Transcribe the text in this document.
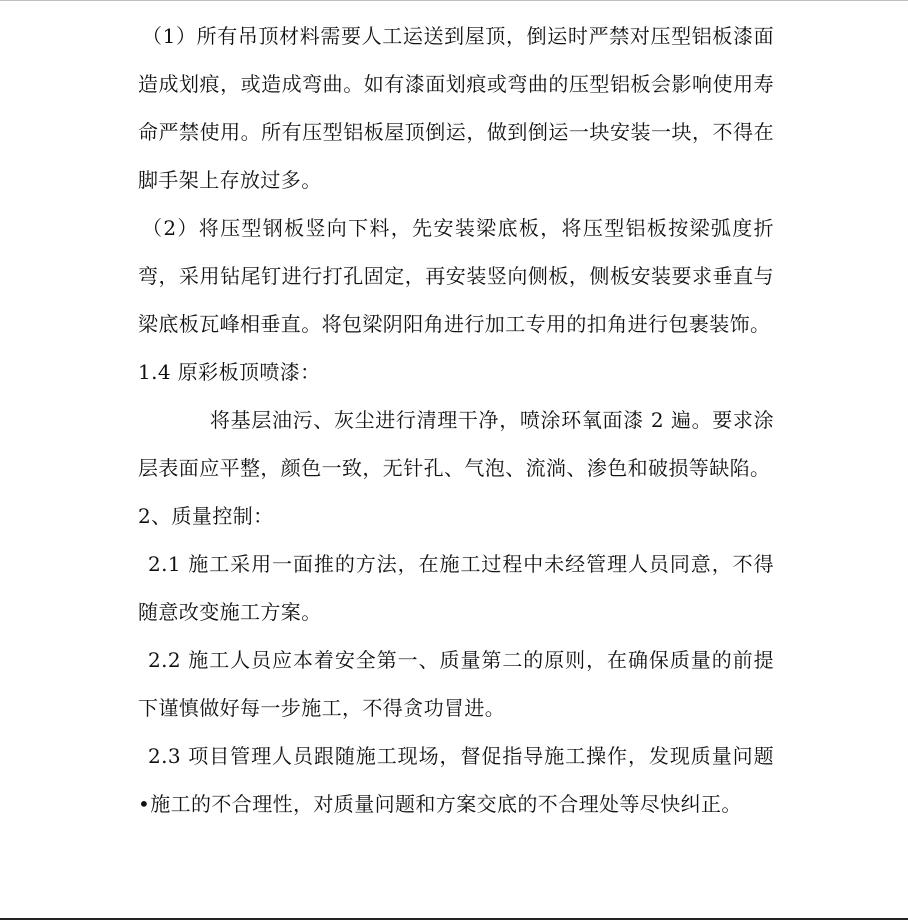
（1）所有吊顶材料需要人工运送到屋顶，倒运时严禁对压型铝板漆面造成划痕，或造成弯曲。如有漆面划痕或弯曲的压型铝板会影响使用寿命严禁使用。所有压型铝板屋顶倒运，做到倒运一块安装一块，不得在脚手架上存放过多。

（2）将压型钢板竖向下料，先安装梁底板，将压型铝板按梁弧度折弯，采用钻尾钉进行打孔固定，再安装竖向侧板，侧板安装要求垂直与梁底板瓦峰相垂直。将包梁阴阳角进行加工专用的扣角进行包裹装饰。

1.4 原彩板顶喷漆：

将基层油污、灰尘进行清理干净，喷涂环氧面漆 2 遍。要求涂层表面应平整，颜色一致，无针孔、气泡、流淌、渗色和破损等缺陷。

2、质量控制：

2.1 施工采用一面推的方法，在施工过程中未经管理人员同意，不得随意改变施工方案。

2.2 施工人员应本着安全第一、质量第二的原则，在确保质量的前提下谨慎做好每一步施工，不得贪功冒进。

2.3 项目管理人员跟随施工现场，督促指导施工操作，发现质量问题 •施工的不合理性，对质量问题和方案交底的不合理处等尽快纠正。
